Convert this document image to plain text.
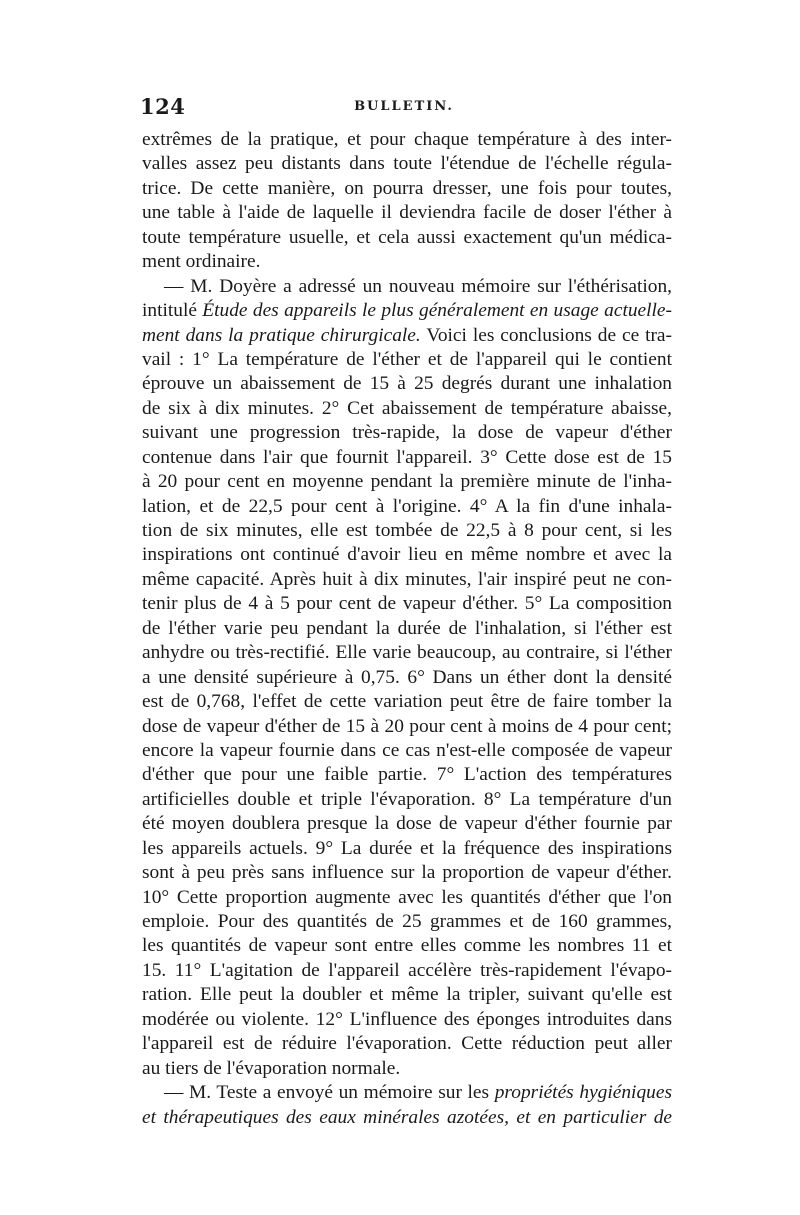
124	BULLETIN.
extrêmes de la pratique, et pour chaque température à des inter-
valles assez peu distants dans toute l'étendue de l'échelle régula-
trice. De cette manière, on pourra dresser, une fois pour toutes,
une table à l'aide de laquelle il deviendra facile de doser l'éther à
toute température usuelle, et cela aussi exactement qu'un médica-
ment ordinaire.
— M. Doyère a adressé un nouveau mémoire sur l'éthérisation,
intitulé Étude des appareils le plus généralement en usage actuelle-
ment dans la pratique chirurgicale. Voici les conclusions de ce tra-
vail : 1° La température de l'éther et de l'appareil qui le contient
éprouve un abaissement de 15 à 25 degrés durant une inhalation
de six à dix minutes. 2° Cet abaissement de température abaisse,
suivant une progression très-rapide, la dose de vapeur d'éther
contenue dans l'air que fournit l'appareil. 3° Cette dose est de 15
à 20 pour cent en moyenne pendant la première minute de l'inha-
lation, et de 22,5 pour cent à l'origine. 4° A la fin d'une inhala-
tion de six minutes, elle est tombée de 22,5 à 8 pour cent, si les
inspirations ont continué d'avoir lieu en même nombre et avec la
même capacité. Après huit à dix minutes, l'air inspiré peut ne con-
tenir plus de 4 à 5 pour cent de vapeur d'éther. 5° La composition
de l'éther varie peu pendant la durée de l'inhalation, si l'éther est
anhydre ou très-rectifié. Elle varie beaucoup, au contraire, si l'éther
a une densité supérieure à 0,75. 6° Dans un éther dont la densité
est de 0,768, l'effet de cette variation peut être de faire tomber la
dose de vapeur d'éther de 15 à 20 pour cent à moins de 4 pour cent;
encore la vapeur fournie dans ce cas n'est-elle composée de vapeur
d'éther que pour une faible partie. 7° L'action des températures
artificielles double et triple l'évaporation. 8° La température d'un
été moyen doublera presque la dose de vapeur d'éther fournie par
les appareils actuels. 9° La durée et la fréquence des inspirations
sont à peu près sans influence sur la proportion de vapeur d'éther.
10° Cette proportion augmente avec les quantités d'éther que l'on
emploie. Pour des quantités de 25 grammes et de 160 grammes,
les quantités de vapeur sont entre elles comme les nombres 11 et
15. 11° L'agitation de l'appareil accélère très-rapidement l'évapo-
ration. Elle peut la doubler et même la tripler, suivant qu'elle est
modérée ou violente. 12° L'influence des éponges introduites dans
l'appareil est de réduire l'évaporation. Cette réduction peut aller
au tiers de l'évaporation normale.
— M. Teste a envoyé un mémoire sur les propriétés hygiéniques
et thérapeutiques des eaux minérales azotées, et en particulier de
